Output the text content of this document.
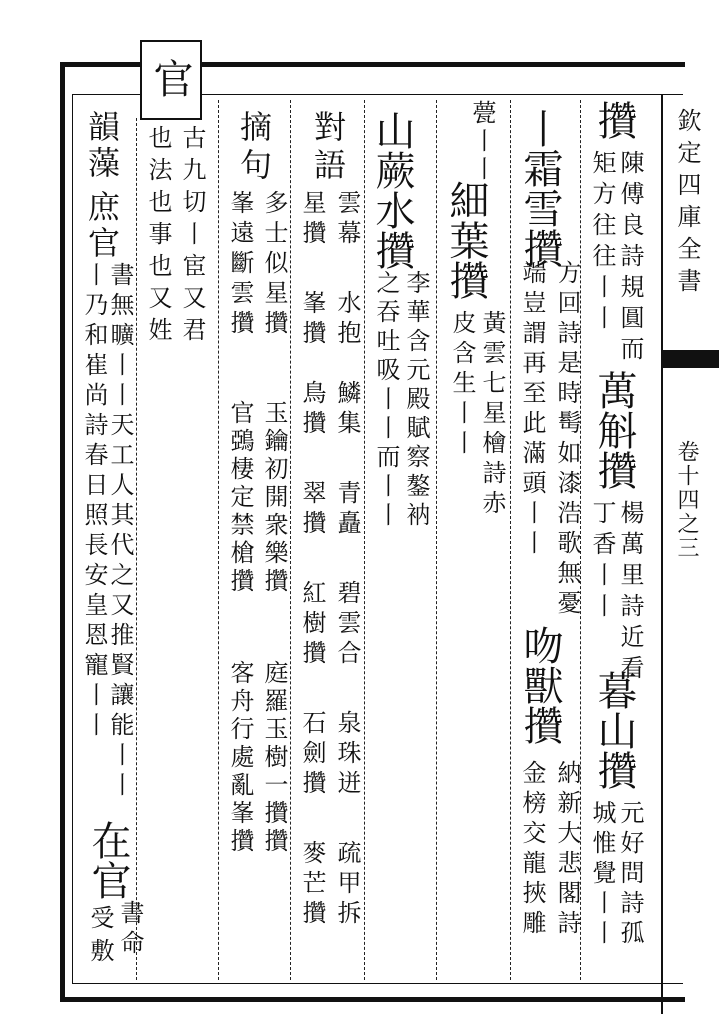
欽定四庫全書
卷十四之三
官
攢
陳傅良詩規圓而
矩方往往丨丨
萬斛攢
楊萬里詩近看
丁香丨丨
暮山攢
元好問詩孤
城惟覺丨丨
丨霜雪攢
方回詩是時髩如漆浩歌無憂
端豈謂再至此滿頭丨丨
吻獸攢
納新大悲閣詩
金榜交龍挾雕
甍丨丨
細葉攢
黃雲七星檜詩赤
皮含生丨丨
山蕨水攢
李華含元殿賦察鏊衲
之吞吐吸丨丨而丨丨
對語
雲幕
水抱
鱗集
青矗
碧雲合
泉珠迸
疏甲拆
星攢
峯攢
鳥攢
翠攢
紅樹攢
石劍攢
麥芒攢
摘句
多士似星攢
玉鑰初開衆樂攢
庭羅玉樹一攢攢
峯遠斷雲攢
官鵶棲定禁槍攢
客舟行處亂峯攢
古九切丨宦又君
也法也事也又姓
韻藻
庶官
書無曠丨丨天工人其代之又推賢讓能丨丨
在官
書命
丨乃和崔尚詩春日照長安皇恩寵丨丨
受
敷
